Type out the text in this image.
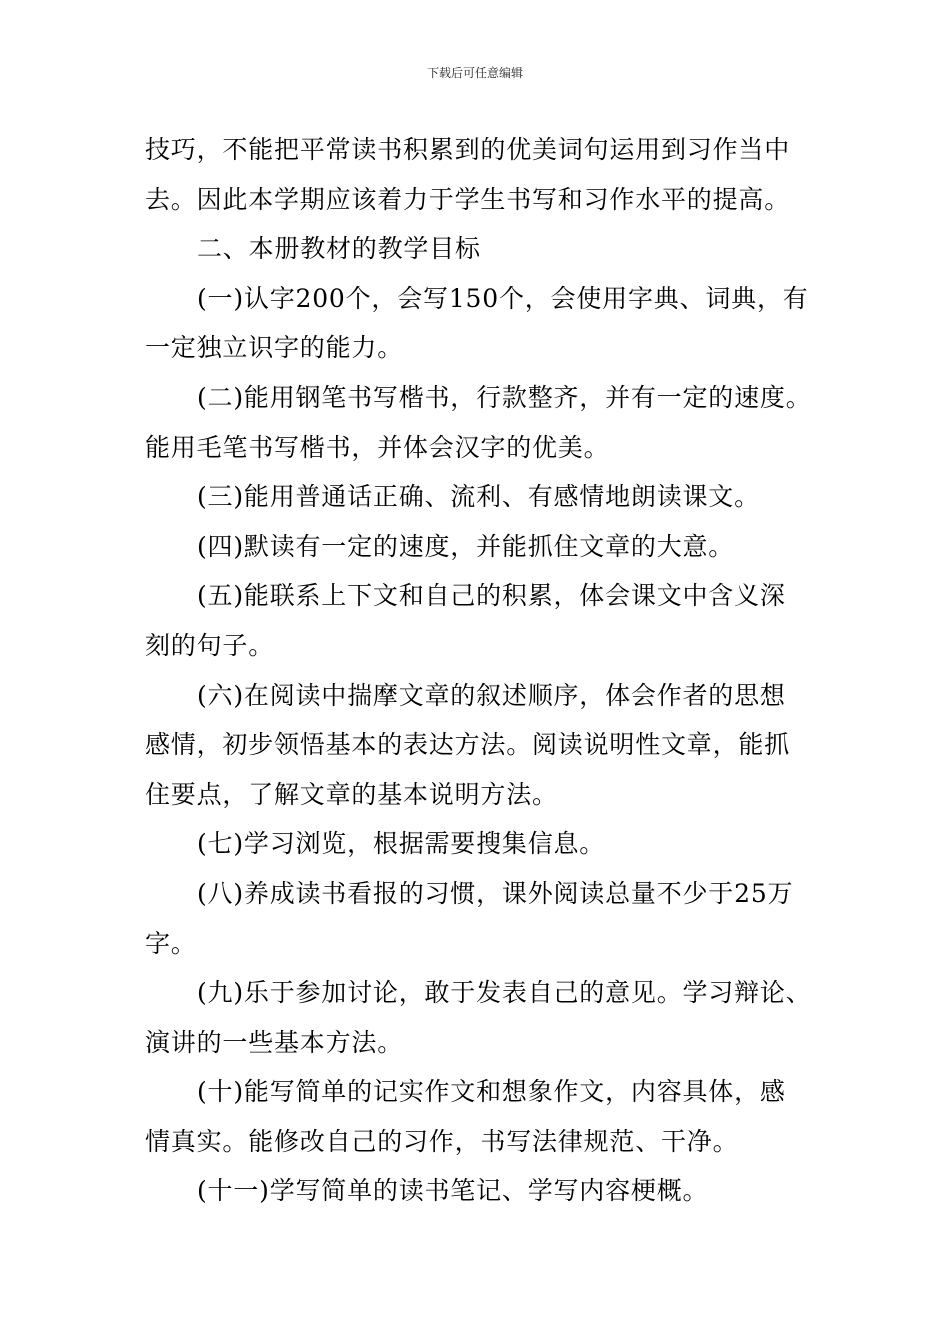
下载后可任意编辑
技巧，不能把平常读书积累到的优美词句运用到习作当中
去。因此本学期应该着力于学生书写和习作水平的提高。
二、本册教材的教学目标
(一)认字200个，会写150个，会使用字典、词典，有
一定独立识字的能力。
(二)能用钢笔书写楷书，行款整齐，并有一定的速度。
能用毛笔书写楷书，并体会汉字的优美。
(三)能用普通话正确、流利、有感情地朗读课文。
(四)默读有一定的速度，并能抓住文章的大意。
(五)能联系上下文和自己的积累，体会课文中含义深
刻的句子。
(六)在阅读中揣摩文章的叙述顺序，体会作者的思想
感情，初步领悟基本的表达方法。阅读说明性文章，能抓
住要点，了解文章的基本说明方法。
(七)学习浏览，根据需要搜集信息。
(八)养成读书看报的习惯，课外阅读总量不少于25万
字。
(九)乐于参加讨论，敢于发表自己的意见。学习辩论、
演讲的一些基本方法。
(十)能写简单的记实作文和想象作文，内容具体，感
情真实。能修改自己的习作，书写法律规范、干净。
(十一)学写简单的读书笔记、学写内容梗概。
